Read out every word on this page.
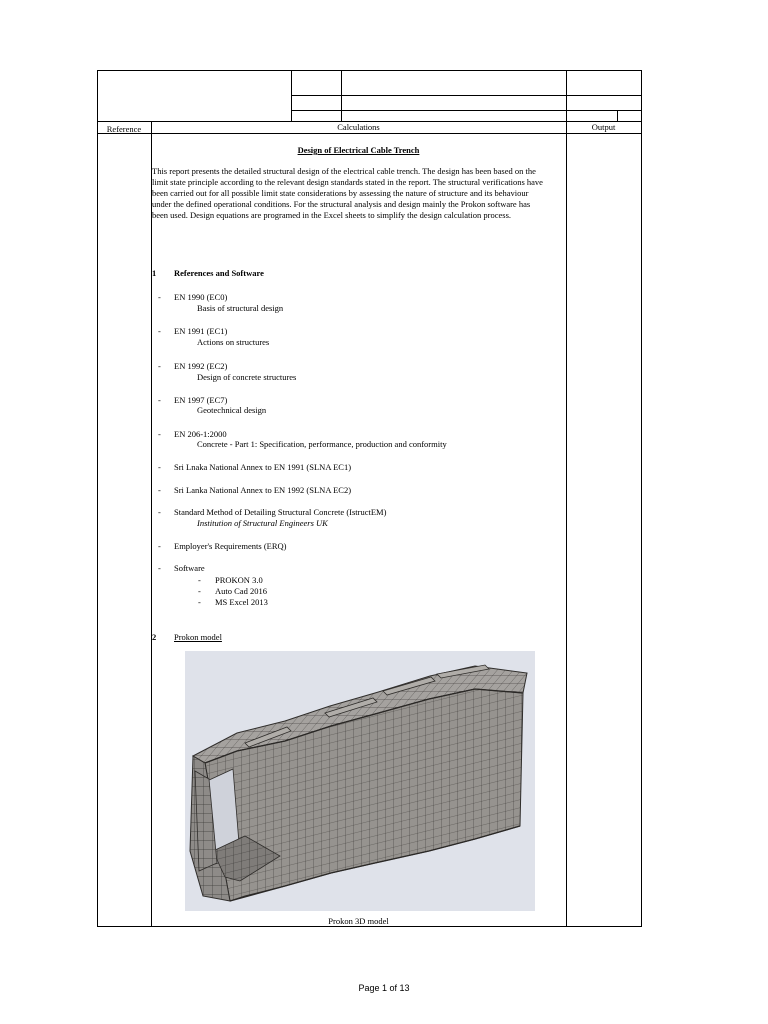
Reference	Calculations	Output
Design of Electrical Cable Trench

This report presents the detailed structural design of the electrical cable trench. The design has been based on the

limit state principle according to the relevant design standards stated in the report. The structural verifications have

been carried out for all possible limit state considerations by assessing the nature of structure and its behaviour

under the defined operational conditions. For the structural analysis and design mainly the Prokon software has

been used. Design equations are programed in the Excel sheets to simplify the design calculation process.

1 References and Software
- EN 1990 (EC0)
Basis of structural design
- EN 1991 (EC1)
Actions on structures
- EN 1992 (EC2)
Design of concrete structures
- EN 1997 (EC7)
Geotechnical design
- EN 206-1:2000
Concrete - Part 1: Specification, performance, production and conformity
- Sri Lnaka National Annex to EN 1991 (SLNA EC1)
- Sri Lanka National Annex to EN 1992 (SLNA EC2)
- Standard Method of Detailing Structural Concrete (IstructEM)
Institution of Structural Engineers UK
- Employer's Requirements (ERQ)
- Software
- PROKON 3.0
- Auto Cad 2016
- MS Excel 2013
2 Prokon model
Prokon 3D model
Page 1 of 13
